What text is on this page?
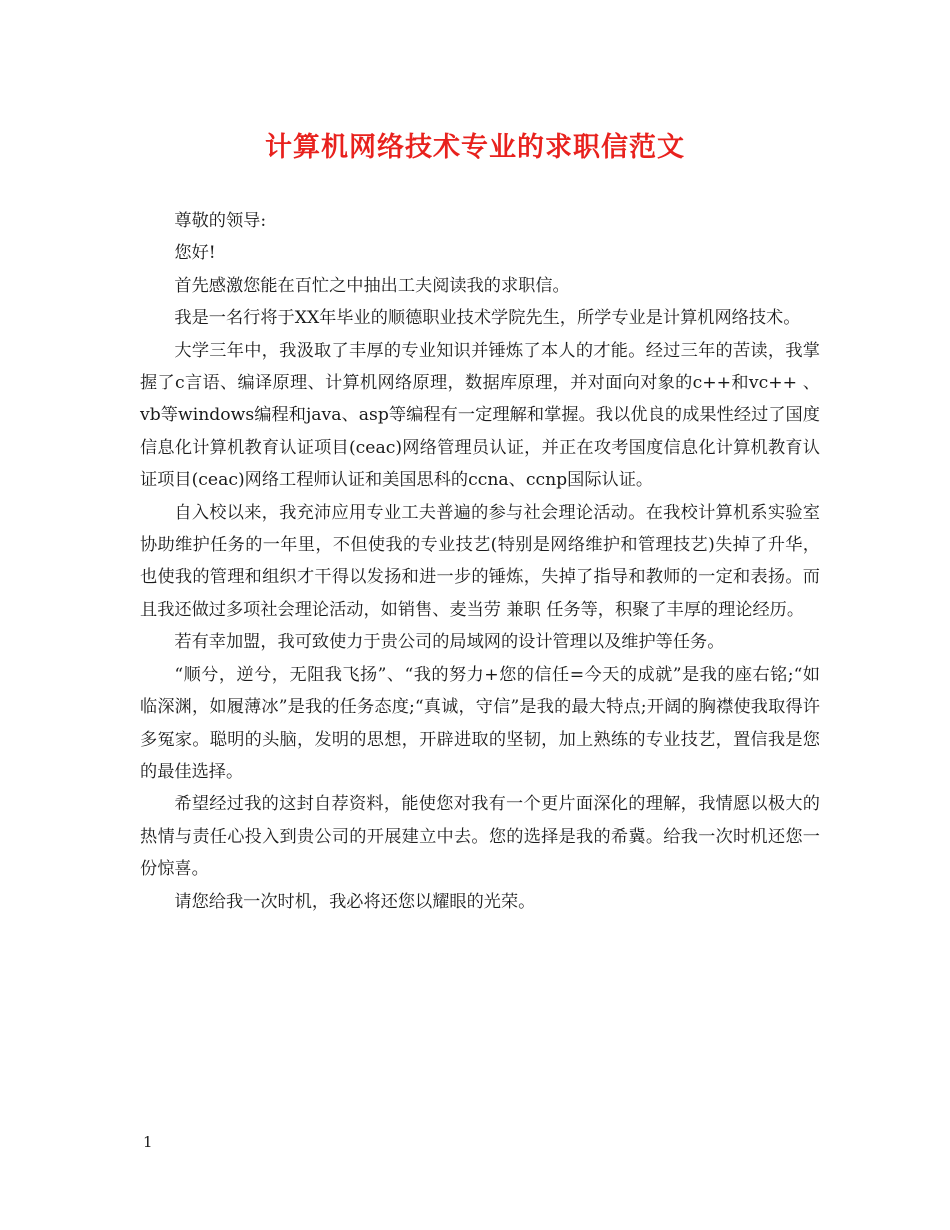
计算机网络技术专业的求职信范文

尊敬的领导:

您好!

首先感激您能在百忙之中抽出工夫阅读我的求职信。

我是一名行将于XX年毕业的顺德职业技术学院先生，所学专业是计算机网络技术。

大学三年中，我汲取了丰厚的专业知识并锤炼了本人的才能。经过三年的苦读，我掌握了c言语、编译原理、计算机网络原理，数据库原理，并对面向对象的c++和vc++ 、vb等windows编程和java、asp等编程有一定理解和掌握。我以优良的成果性经过了国度信息化计算机教育认证项目(ceac)网络管理员认证，并正在攻考国度信息化计算机教育认证项目(ceac)网络工程师认证和美国思科的ccna、ccnp国际认证。

自入校以来，我充沛应用专业工夫普遍的参与社会理论活动。在我校计算机系实验室协助维护任务的一年里，不但使我的专业技艺(特别是网络维护和管理技艺)失掉了升华，也使我的管理和组织才干得以发扬和进一步的锤炼，失掉了指导和教师的一定和表扬。而且我还做过多项社会理论活动，如销售、麦当劳 兼职 任务等，积聚了丰厚的理论经历。

若有幸加盟，我可致使力于贵公司的局域网的设计管理以及维护等任务。

“顺兮，逆兮，无阻我飞扬”、“我的努力+您的信任=今天的成就”是我的座右铭;“如临深渊，如履薄冰”是我的任务态度;“真诚，守信”是我的最大特点;开阔的胸襟使我取得许多冤家。聪明的头脑，发明的思想，开辟进取的坚韧，加上熟练的专业技艺，置信我是您的最佳选择。

希望经过我的这封自荐资料，能使您对我有一个更片面深化的理解，我情愿以极大的热情与责任心投入到贵公司的开展建立中去。您的选择是我的希冀。给我一次时机还您一份惊喜。

请您给我一次时机，我必将还您以耀眼的光荣。

1
